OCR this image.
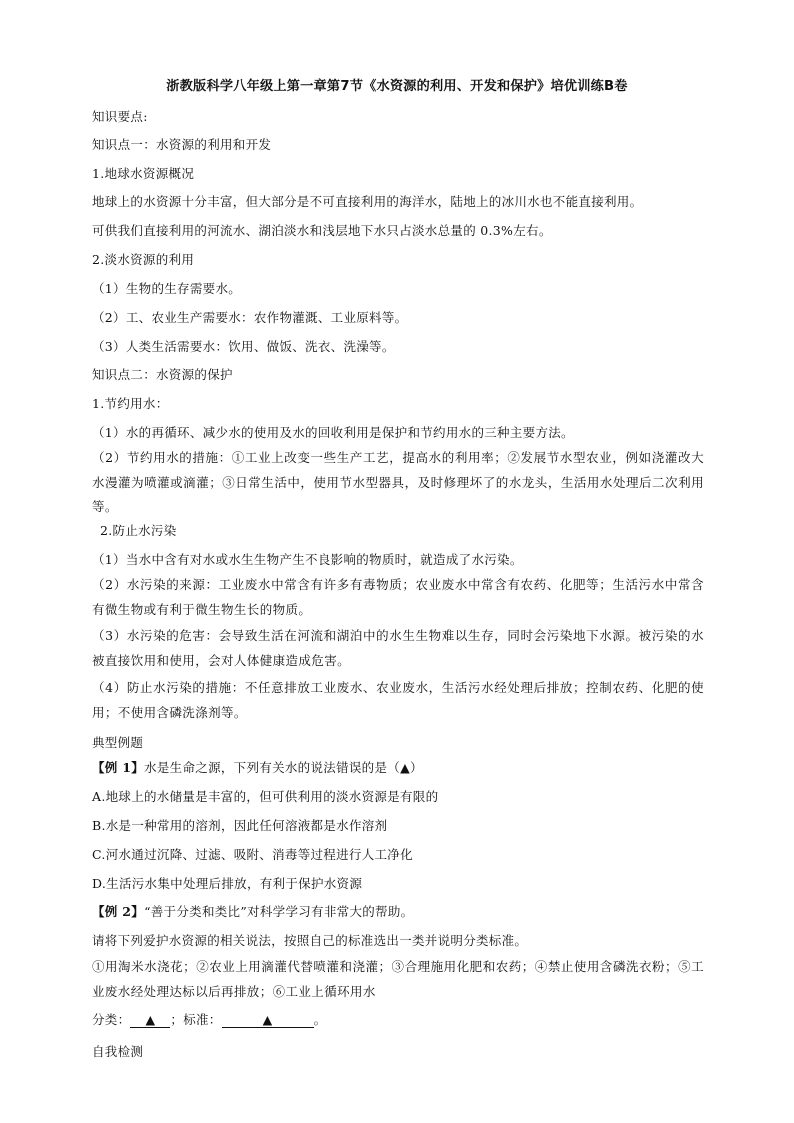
浙教版科学八年级上第一章第7节《水资源的利用、开发和保护》培优训练B卷
知识要点:
知识点一：水资源的利用和开发
1.地球水资源概况
地球上的水资源十分丰富，但大部分是不可直接利用的海洋水，陆地上的冰川水也不能直接利用。
可供我们直接利用的河流水、湖泊淡水和浅层地下水只占淡水总量的 0.3%左右。
2.淡水资源的利用
（1）生物的生存需要水。
（2）工、农业生产需要水：农作物灌溉、工业原料等。
（3）人类生活需要水：饮用、做饭、洗衣、洗澡等。
知识点二：水资源的保护
1.节约用水：
（1）水的再循环、减少水的使用及水的回收利用是保护和节约用水的三种主要方法。
（2）节约用水的措施：①工业上改变一些生产工艺，提高水的利用率；②发展节水型农业，例如浇灌改大水漫灌为喷灌或滴灌；③日常生活中，使用节水型器具，及时修理坏了的水龙头，生活用水处理后二次利用等。
2.防止水污染
（1）当水中含有对水或水生生物产生不良影响的物质时，就造成了水污染。
（2）水污染的来源：工业废水中常含有许多有毒物质；农业废水中常含有农药、化肥等；生活污水中常含有微生物或有利于微生物生长的物质。
（3）水污染的危害：会导致生活在河流和湖泊中的水生生物难以生存，同时会污染地下水源。被污染的水被直接饮用和使用，会对人体健康造成危害。
（4）防止水污染的措施：不任意排放工业废水、农业废水，生活污水经处理后排放；控制农药、化肥的使用；不使用含磷洗涤剂等。
典型例题
【例 1】水是生命之源，下列有关水的说法错误的是（▲）
A.地球上的水储量是丰富的，但可供利用的淡水资源是有限的
B.水是一种常用的溶剂，因此任何溶液都是水作溶剂
C.河水通过沉降、过滤、吸附、消毒等过程进行人工净化
D.生活污水集中处理后排放，有利于保护水资源
【例 2】“善于分类和类比”对科学学习有非常大的帮助。
请将下列爱护水资源的相关说法，按照自己的标准选出一类并说明分类标准。
①用淘米水浇花；②农业上用滴灌代替喷灌和浇灌；③合理施用化肥和农药；④禁止使用含磷洗衣粉；⑤工业废水经处理达标以后再排放；⑥工业上循环用水
分类： ▲ ；标准：	▲	。
自我检测
